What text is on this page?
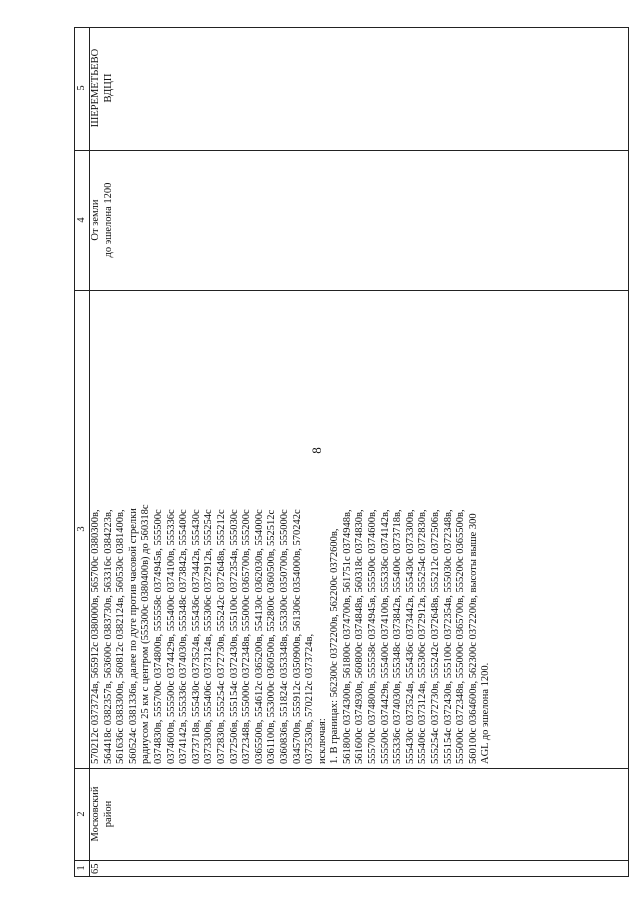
8
1
2
3
4
5
65
Московский район
570212с 0373724в, 565912с 0380000в, 565700с 0380300в, 564418с 0382357в, 563600с 0383730в, 563316с 0384223в, 561636с 0383300в, 560812с 0382124в, 560530с 0381400в, 560524с 0381336в, далее по дуге против часовой стрелки радиусом 25 км с центром (555300с 0380400в) до 560318с 0374830в, 555700с 0374800в, 555558с 0374945в, 555500с 0374600в, 555500с 0374429в, 555400с 0374100в, 555336с 0374142в, 555336с 0374030в, 555348с 0373842в, 555400с 0373718в, 555430с 0373524в, 555436с 0373442в, 555430с 0373300в, 555406с 0373124в, 555306с 0372912в, 555254с 0372830в, 555254с 0372730в, 555242с 0372648в, 555212с 0372506в, 555154с 0372430в, 555100с 0372354в, 555030с 0372348в, 555000с 0372348в, 555000с 0365700в, 555200с 0365500в, 554612с 0365200в, 554130с 0362030в, 554000с 0361100в, 553000с 0360500в, 552800с 0360500в, 552512с 0360836в, 551824с 0353348в, 553300с 0350700в, 555000с 0345700в, 555912с 0350900в, 561306с 0354000в, 570242с 0373530в, 570212с 0373724в, исключая: 1. В границах: 562300с 0372200в, 562200с 0372600в, 561800с 0374300в, 561800с 0374700в, 561751с 0374948в, 561600с 0374930в, 560800с 0374848в, 560318с 0374830в, 555700с 0374800в, 555558с 0374945в, 555500с 0374600в, 555500с 0374429в, 555400с 0374100в, 555336с 0374142в, 555336с 0374030в, 555348с 0373842в, 555400с 0373718в, 555430с 0373524в, 555436с 0373442в, 555430с 0373300в, 555406с 0373124в, 555306с 0372912в, 555254с 0372830в, 555254с 0372730в, 555242с 0372648в, 555212с 0372506в, 555154с 0372430в, 555100с 0372354в, 555030с 0372348в, 555000с 0372348в, 555000с 0365700в, 555200с 0365500в, 560100с 0364600в, 562300с 0372200в, высоты выше 300 AGL до эшелона 1200.
От земли до эшелона 1200
ШЕРЕМЕТЬЕВО ВДЦП
